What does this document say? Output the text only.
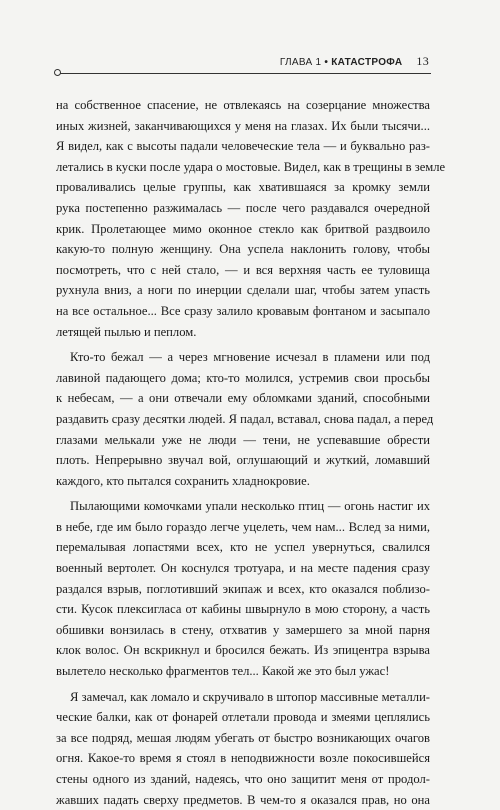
ГЛАВА 1 • КАТАСТРОФА 13

на собственное спасение, не отвлекаясь на созерцание множества
иных жизней, заканчивающихся у меня на глазах. Их были тысячи...
Я видел, как с высоты падали человеческие тела — и буквально раз-
летались в куски после удара о мостовые. Видел, как в трещины в земле
проваливались целые группы, как хватившаяся за кромку земли
рука постепенно разжималась — после чего раздавался очередной
крик. Пролетающее мимо оконное стекло как бритвой раздвоило
какую-то полную женщину. Она успела наклонить голову, чтобы
посмотреть, что с ней стало, — и вся верхняя часть ее туловища
рухнула вниз, а ноги по инерции сделали шаг, чтобы затем упасть
на все остальное... Все сразу залило кровавым фонтаном и засыпало
летящей пылью и пеплом.

Кто-то бежал — а через мгновение исчезал в пламени или под
лавиной падающего дома; кто-то молился, устремив свои просьбы
к небесам, — а они отвечали ему обломками зданий, способными
раздавить сразу десятки людей. Я падал, вставал, снова падал, а перед
глазами мелькали уже не люди — тени, не успевавшие обрести
плоть. Непрерывно звучал вой, оглушающий и жуткий, ломавший
каждого, кто пытался сохранить хладнокровие.

Пылающими комочками упали несколько птиц — огонь настиг их
в небе, где им было гораздо легче уцелеть, чем нам... Вслед за ними,
перемалывая лопастями всех, кто не успел увернуться, свалился
военный вертолет. Он коснулся тротуара, и на месте падения сразу
раздался взрыв, поглотивший экипаж и всех, кто оказался поблизо-
сти. Кусок плексигласа от кабины швырнуло в мою сторону, а часть
обшивки вонзилась в стену, отхватив у замершего за мной парня
клок волос. Он вскрикнул и бросился бежать. Из эпицентра взрыва
вылетело несколько фрагментов тел... Какой же это был ужас!

Я замечал, как ломало и скручивало в штопор массивные металли-
ческие балки, как от фонарей отлетали провода и змеями цеплялись
за все подряд, мешая людям убегать от быстро возникающих очагов
огня. Какое-то время я стоял в неподвижности возле покосившейся
стены одного из зданий, надеясь, что оно защитит меня от продол-
жавших падать сверху предметов. В чем-то я оказался прав, но она
